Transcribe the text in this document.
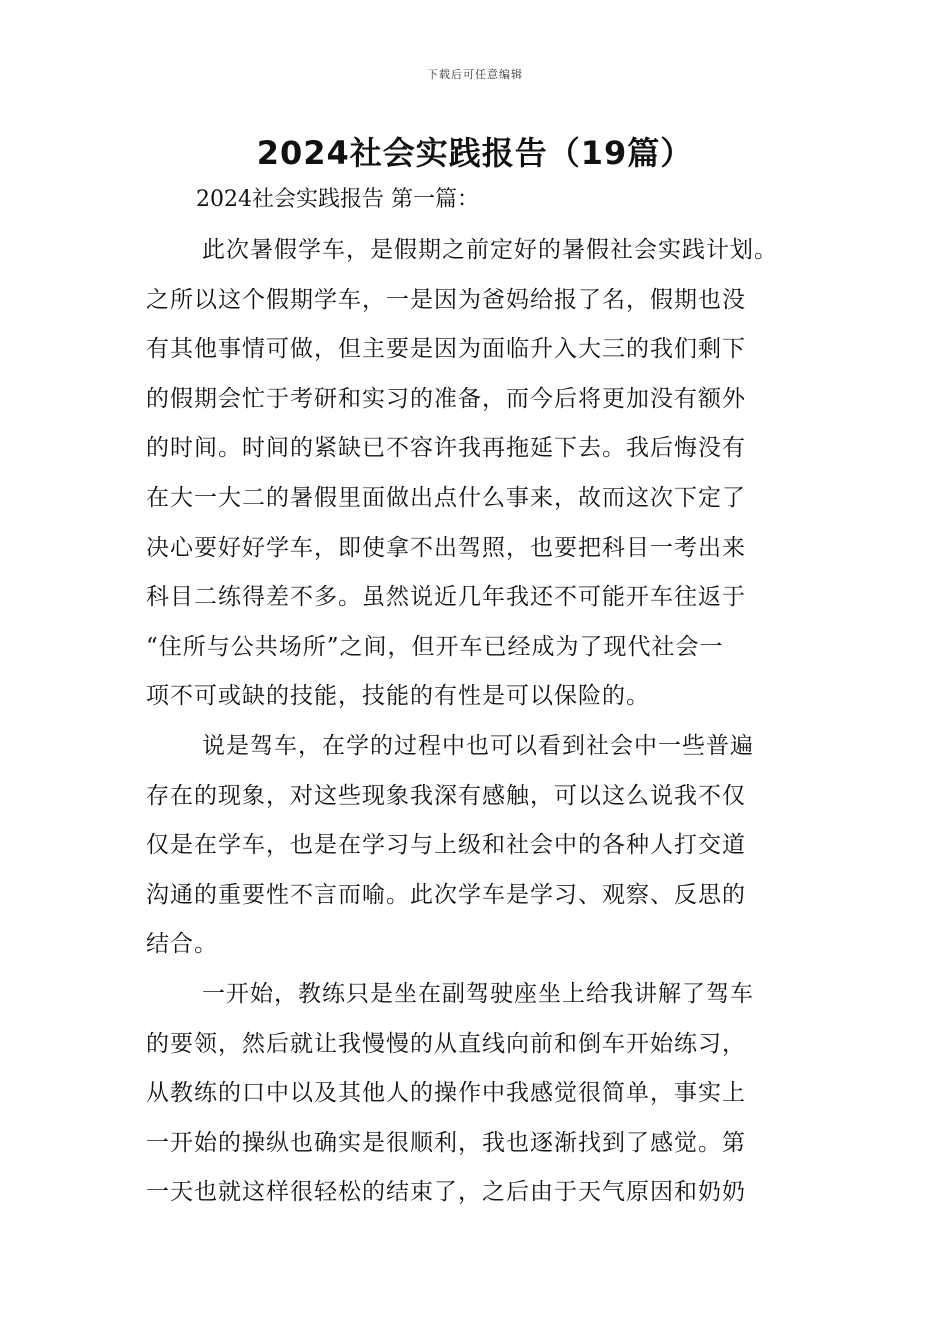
下载后可任意编辑
2024社会实践报告（19篇）

2024社会实践报告 第一篇：

此次暑假学车，是假期之前定好的暑假社会实践计划。
之所以这个假期学车，一是因为爸妈给报了名，假期也没
有其他事情可做，但主要是因为面临升入大三的我们剩下
的假期会忙于考研和实习的准备，而今后将更加没有额外
的时间。时间的紧缺已不容许我再拖延下去。我后悔没有
在大一大二的暑假里面做出点什么事来，故而这次下定了
决心要好好学车，即使拿不出驾照，也要把科目一考出来
科目二练得差不多。虽然说近几年我还不可能开车往返于
“住所与公共场所”之间，但开车已经成为了现代社会一
项不可或缺的技能，技能的有性是可以保险的。
说是驾车，在学的过程中也可以看到社会中一些普遍
存在的现象，对这些现象我深有感触，可以这么说我不仅
仅是在学车，也是在学习与上级和社会中的各种人打交道
沟通的重要性不言而喻。此次学车是学习、观察、反思的
结合。
一开始，教练只是坐在副驾驶座坐上给我讲解了驾车
的要领，然后就让我慢慢的从直线向前和倒车开始练习，
从教练的口中以及其他人的操作中我感觉很简单，事实上
一开始的操纵也确实是很顺利，我也逐渐找到了感觉。第
一天也就这样很轻松的结束了，之后由于天气原因和奶奶
